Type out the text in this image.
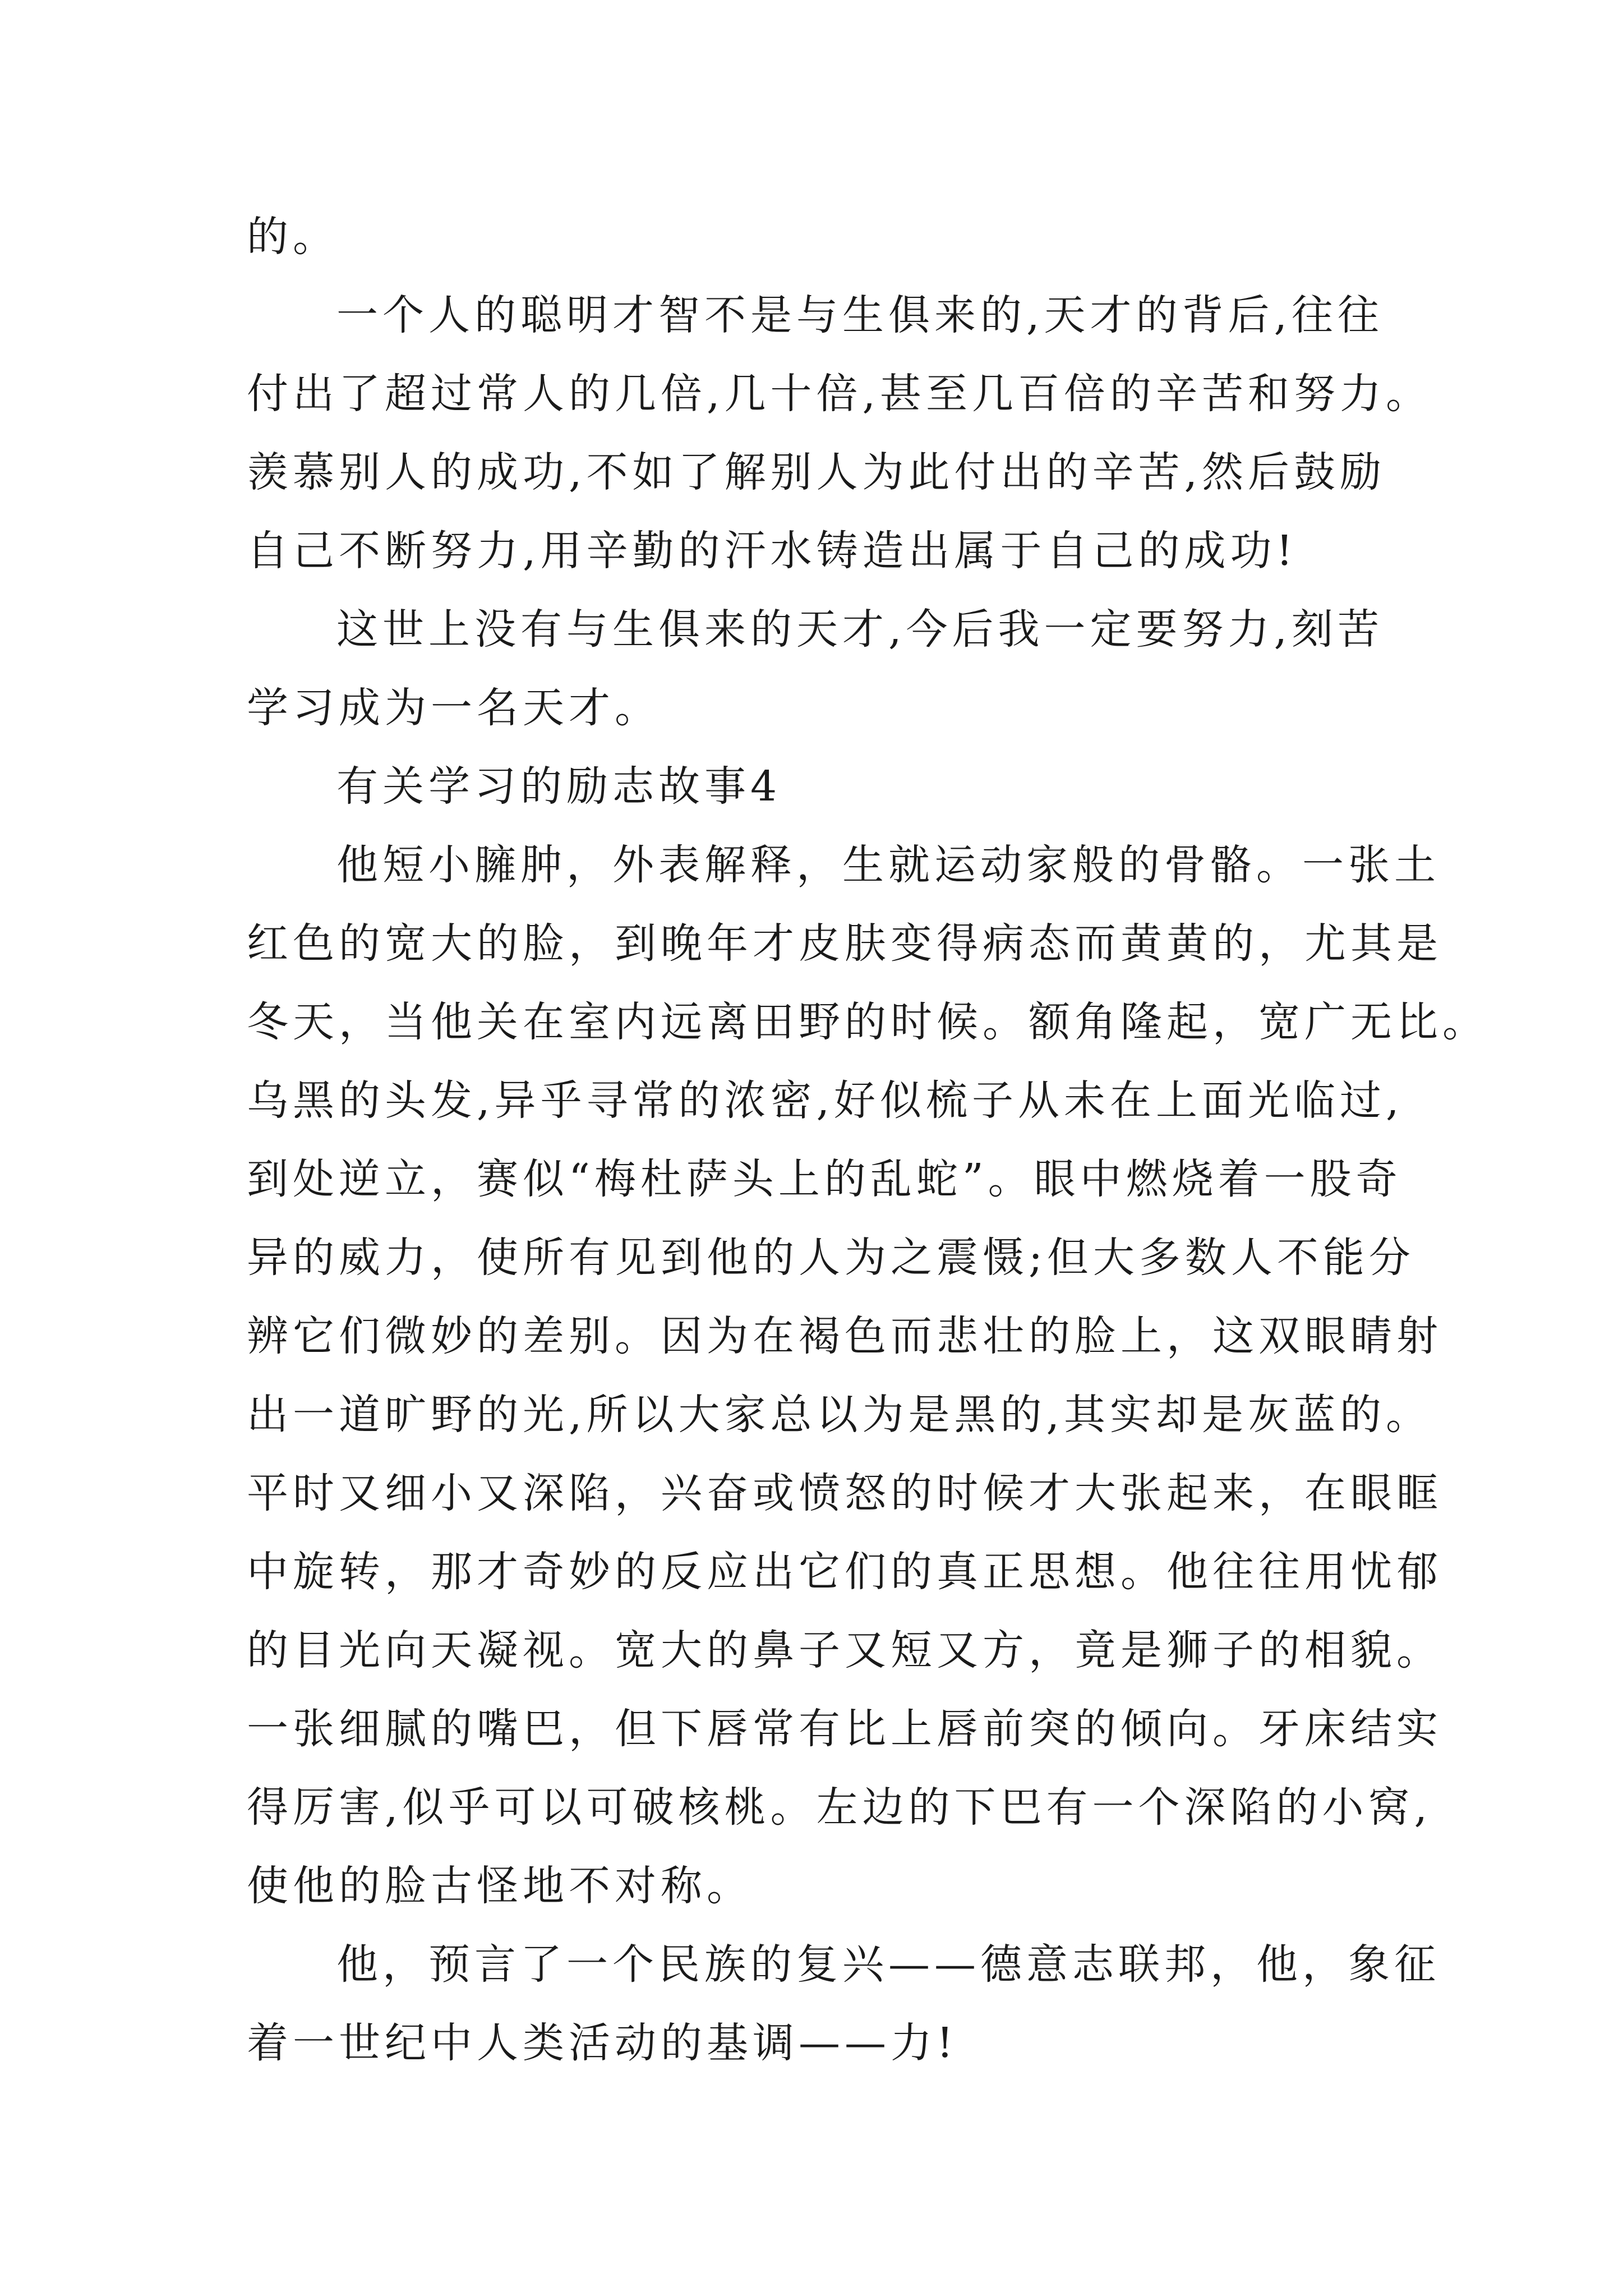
的。
一个人的聪明才智不是与生俱来的,天才的背后,往往
付出了超过常人的几倍,几十倍,甚至几百倍的辛苦和努力。
羡慕别人的成功,不如了解别人为此付出的辛苦,然后鼓励
自己不断努力,用辛勤的汗水铸造出属于自己的成功!
这世上没有与生俱来的天才,今后我一定要努力,刻苦
学习成为一名天才。
有关学习的励志故事4
他短小臃肿，外表解释，生就运动家般的骨骼。一张土
红色的宽大的脸，到晚年才皮肤变得病态而黄黄的，尤其是
冬天，当他关在室内远离田野的时候。额角隆起，宽广无比。
乌黑的头发,异乎寻常的浓密,好似梳子从未在上面光临过,
到处逆立，赛似“梅杜萨头上的乱蛇”。眼中燃烧着一股奇
异的威力，使所有见到他的人为之震慑;但大多数人不能分
辨它们微妙的差别。因为在褐色而悲壮的脸上，这双眼睛射
出一道旷野的光,所以大家总以为是黑的,其实却是灰蓝的。
平时又细小又深陷，兴奋或愤怒的时候才大张起来，在眼眶
中旋转，那才奇妙的反应出它们的真正思想。他往往用忧郁
的目光向天凝视。宽大的鼻子又短又方，竟是狮子的相貌。
一张细腻的嘴巴，但下唇常有比上唇前突的倾向。牙床结实
得厉害,似乎可以可破核桃。左边的下巴有一个深陷的小窝,
使他的脸古怪地不对称。
他，预言了一个民族的复兴——德意志联邦，他，象征
着一世纪中人类活动的基调——力!
